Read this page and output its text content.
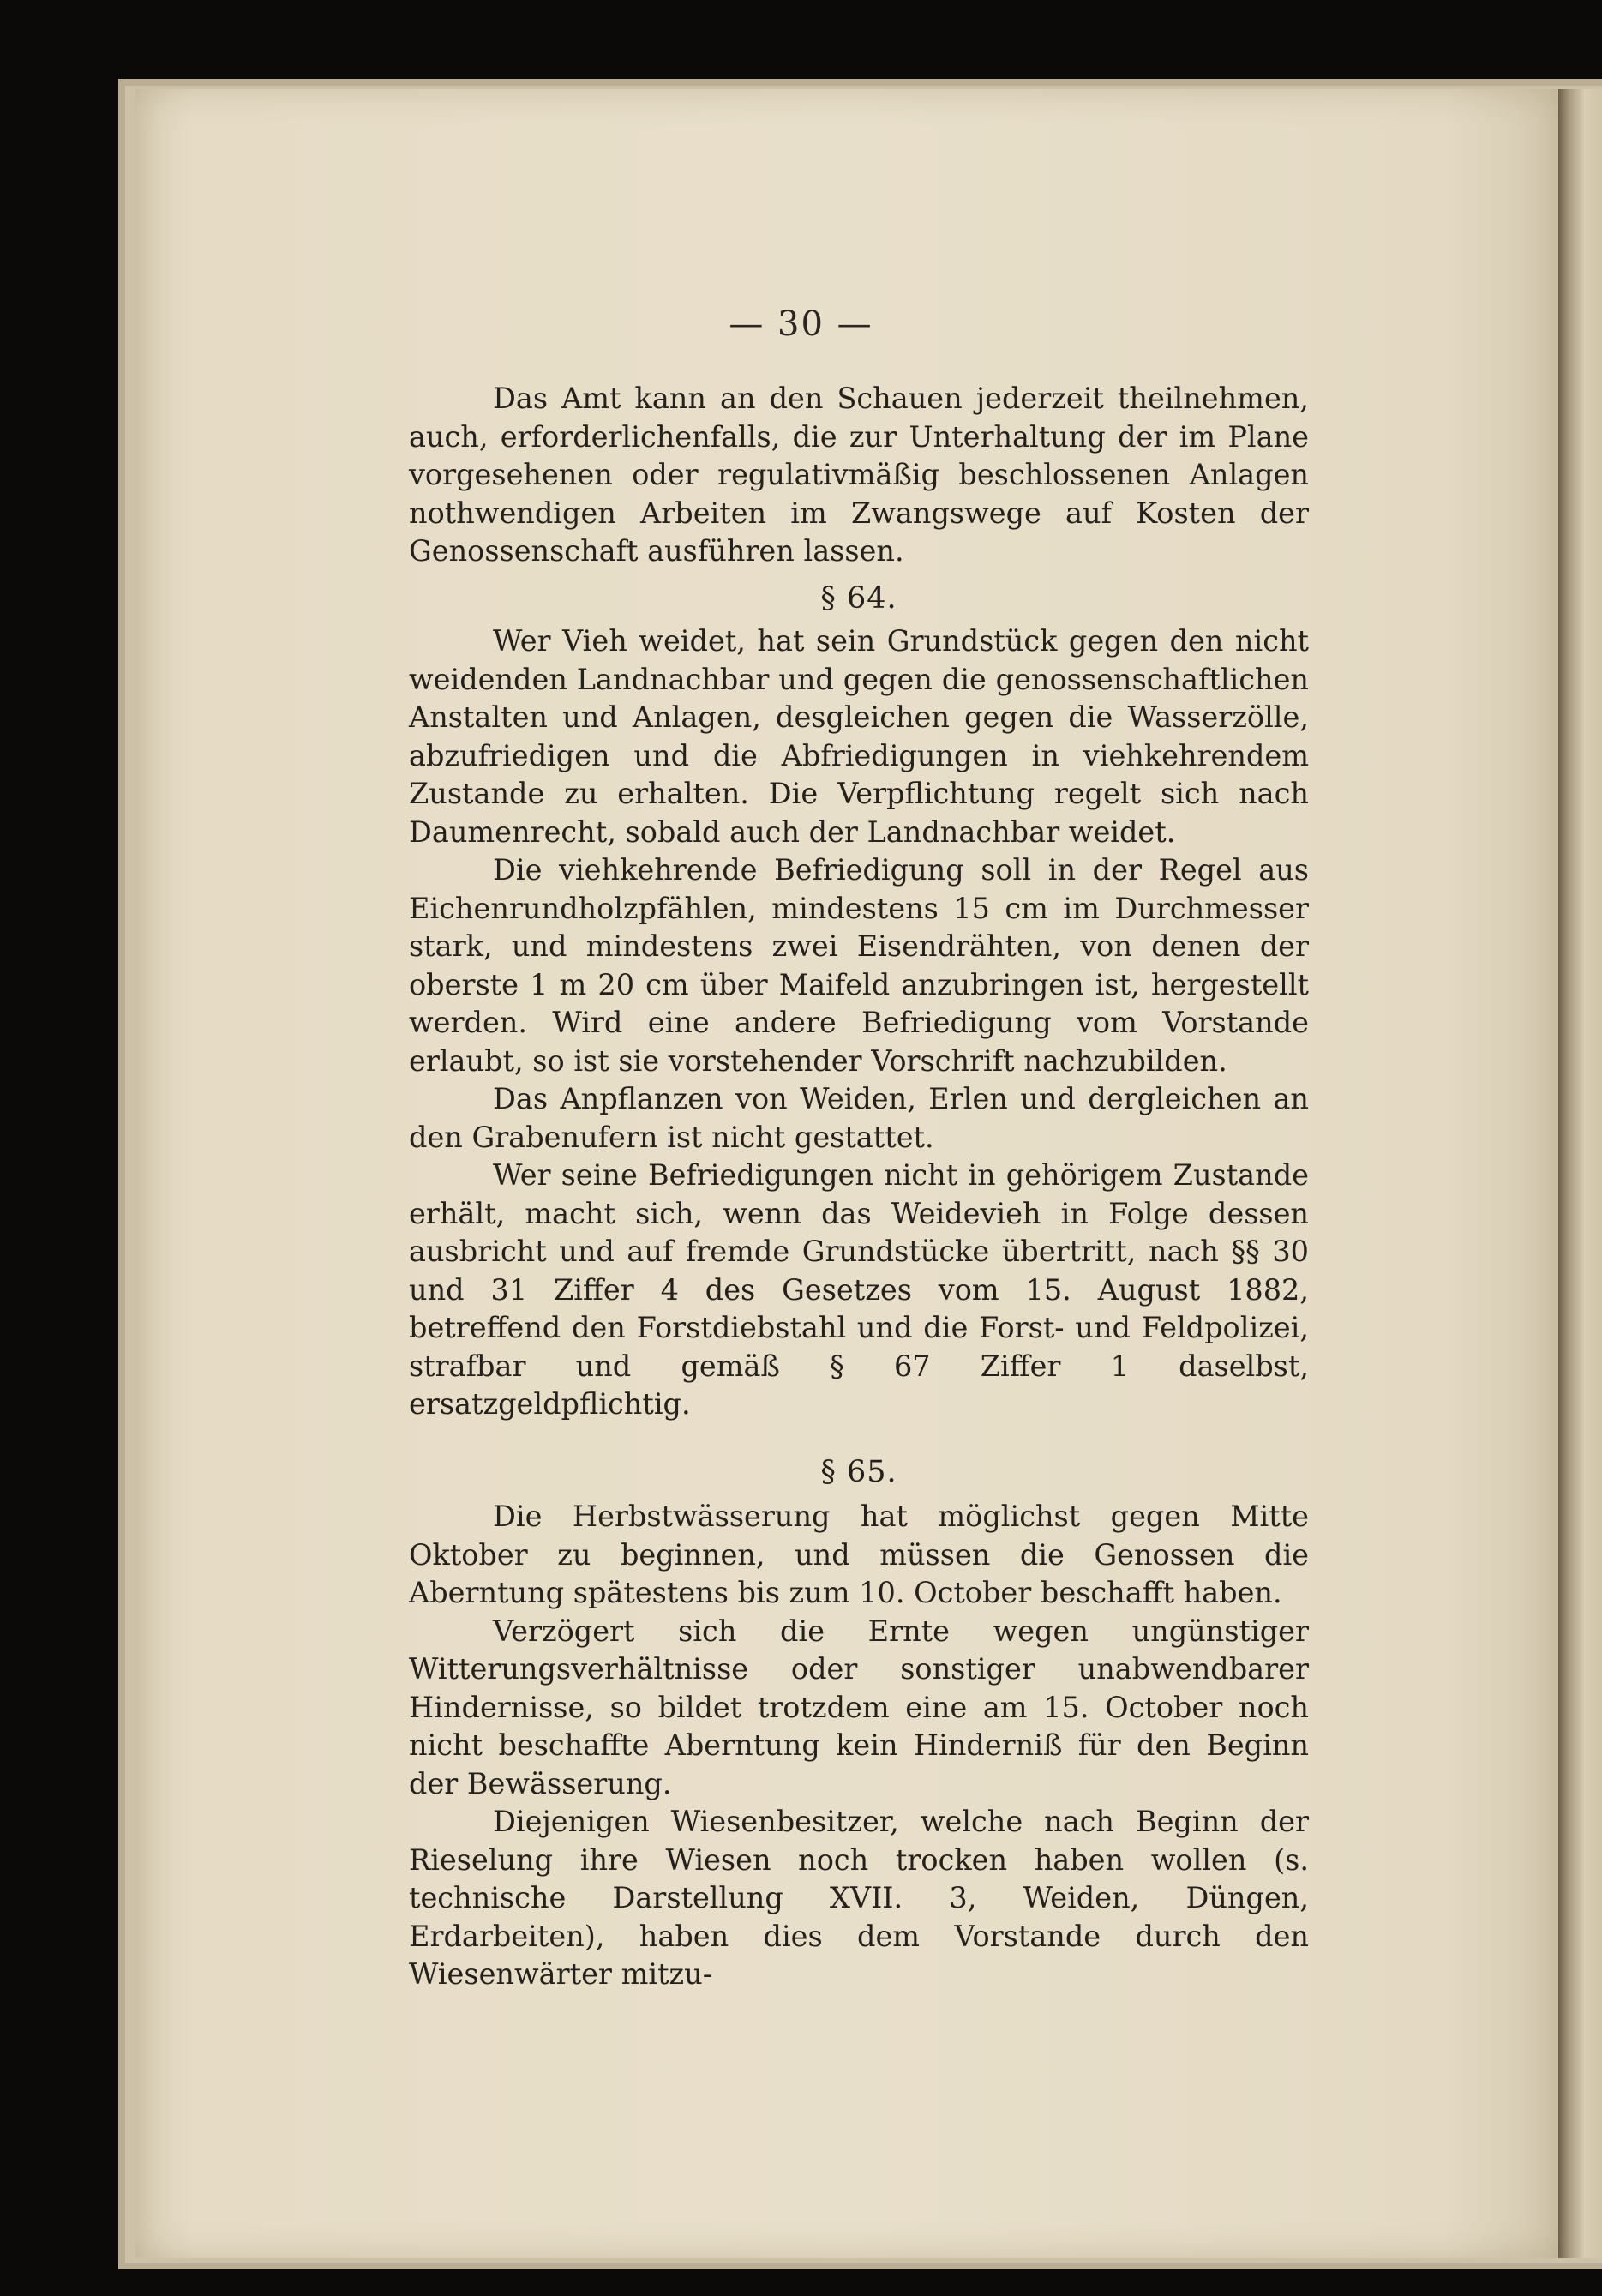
— 30 —

Das Amt kann an den Schauen jederzeit theilnehmen, auch, erforderlichenfalls, die zur Unterhaltung der im Plane vorgesehenen oder regulativmäßig beschlossenen Anlagen nothwendigen Arbeiten im Zwangswege auf Kosten der Genossenschaft ausführen lassen.

§ 64.

Wer Vieh weidet, hat sein Grundstück gegen den nicht weidenden Landnachbar und gegen die genossenschaftlichen Anstalten und Anlagen, desgleichen gegen die Wasserzölle, abzufriedigen und die Abfriedigungen in viehkehrendem Zustande zu erhalten. Die Verpflichtung regelt sich nach Daumenrecht, sobald auch der Landnachbar weidet.

Die viehkehrende Befriedigung soll in der Regel aus Eichenrundholzpfählen, mindestens 15 cm im Durchmesser stark, und mindestens zwei Eisendrähten, von denen der oberste 1 m 20 cm über Maifeld anzubringen ist, hergestellt werden. Wird eine andere Befriedigung vom Vorstande erlaubt, so ist sie vorstehender Vorschrift nachzubilden.

Das Anpflanzen von Weiden, Erlen und dergleichen an den Grabenufern ist nicht gestattet.

Wer seine Befriedigungen nicht in gehörigem Zustande erhält, macht sich, wenn das Weidevieh in Folge dessen ausbricht und auf fremde Grundstücke übertritt, nach §§ 30 und 31 Ziffer 4 des Gesetzes vom 15. August 1882, betreffend den Forstdiebstahl und die Forst- und Feldpolizei, strafbar und gemäß § 67 Ziffer 1 daselbst, ersatzgeldpflichtig.

§ 65.

Die Herbstwässerung hat möglichst gegen Mitte Oktober zu beginnen, und müssen die Genossen die Aberntung spätestens bis zum 10. October beschafft haben.

Verzögert sich die Ernte wegen ungünstiger Witterungsverhältnisse oder sonstiger unabwendbarer Hindernisse, so bildet trotzdem eine am 15. October noch nicht beschaffte Aberntung kein Hinderniß für den Beginn der Bewässerung.

Diejenigen Wiesenbesitzer, welche nach Beginn der Rieselung ihre Wiesen noch trocken haben wollen (s. technische Darstellung XVII. 3, Weiden, Düngen, Erdarbeiten), haben dies dem Vorstande durch den Wiesenwärter mitzu-
